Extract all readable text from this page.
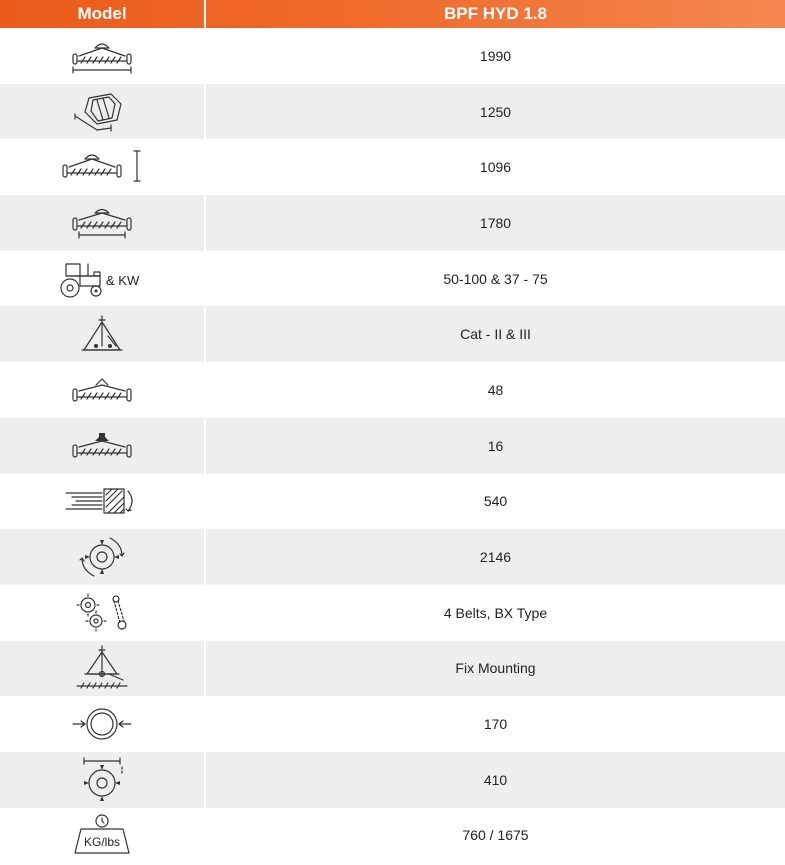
Model	BPF HYD 1.8
1990
1250
1096
1780
& KW	50-100 & 37 - 75
Cat - II & III
48
16
540
2146
4 Belts, BX Type
Fix Mounting
170
410
KG/lbs	760 / 1675
